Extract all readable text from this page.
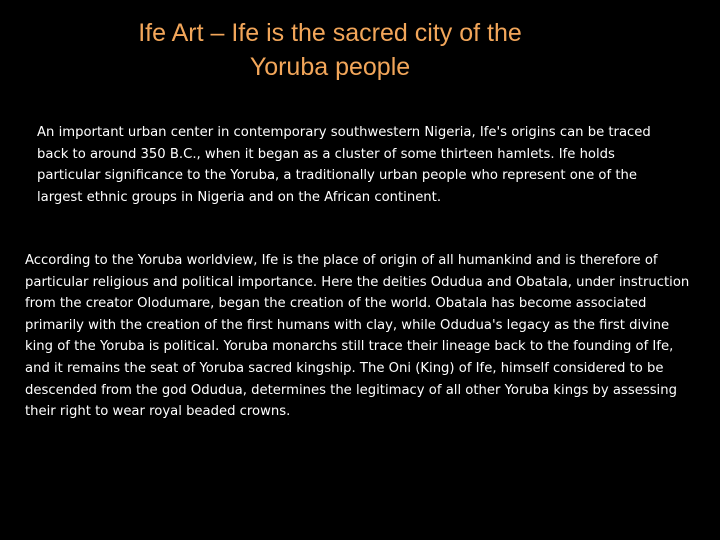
Ife Art – Ife is the sacred city of the
Yoruba people

An important urban center in contemporary southwestern Nigeria, Ife's origins can be traced back to around 350 B.C., when it began as a cluster of some thirteen hamlets. Ife holds particular significance to the Yoruba, a traditionally urban people who represent one of the largest ethnic groups in Nigeria and on the African continent.

According to the Yoruba worldview, Ife is the place of origin of all humankind and is therefore of particular religious and political importance. Here the deities Odudua and Obatala, under instruction from the creator Olodumare, began the creation of the world. Obatala has become associated primarily with the creation of the first humans with clay, while Odudua's legacy as the first divine king of the Yoruba is political. Yoruba monarchs still trace their lineage back to the founding of Ife, and it remains the seat of Yoruba sacred kingship. The Oni (King) of Ife, himself considered to be descended from the god Odudua, determines the legitimacy of all other Yoruba kings by assessing their right to wear royal beaded crowns.
